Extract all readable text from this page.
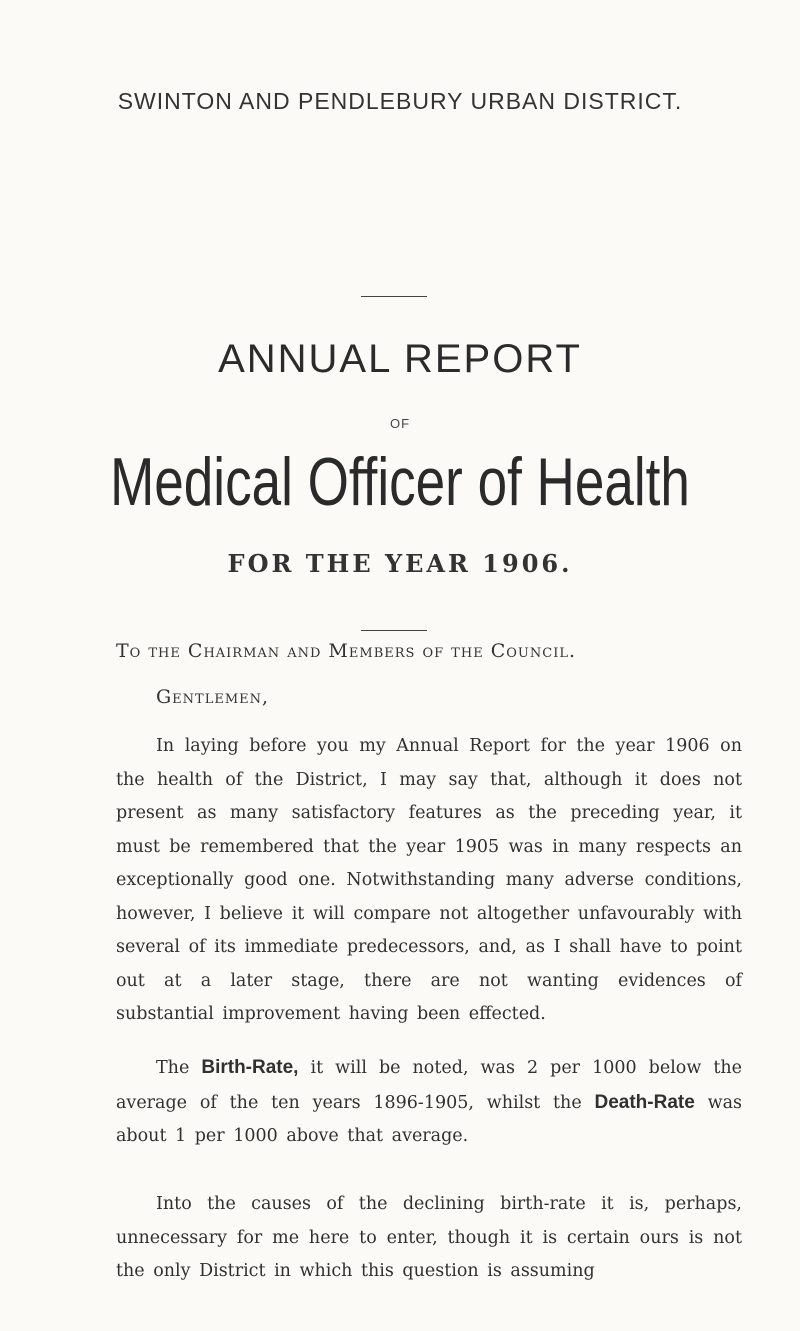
SWINTON AND PENDLEBURY URBAN DISTRICT.
ANNUAL REPORT
OF
Medical Officer of Health
FOR THE YEAR 1906.
To the Chairman and Members of the Council.
Gentlemen,

In laying before you my Annual Report for the year 1906 on the health of the District, I may say that, although it does not present as many satisfactory features as the preceding year, it must be remembered that the year 1905 was in many respects an exceptionally good one. Notwithstanding many adverse conditions, however, I believe it will compare not altogether unfavourably with several of its immediate predecessors, and, as I shall have to point out at a later stage, there are not wanting evidences of substantial improvement having been effected.

The Birth-Rate, it will be noted, was 2 per 1000 below the average of the ten years 1896-1905, whilst the Death-Rate was about 1 per 1000 above that average.

Into the causes of the declining birth-rate it is, perhaps, unnecessary for me here to enter, though it is certain ours is not the only District in which this question is assuming
